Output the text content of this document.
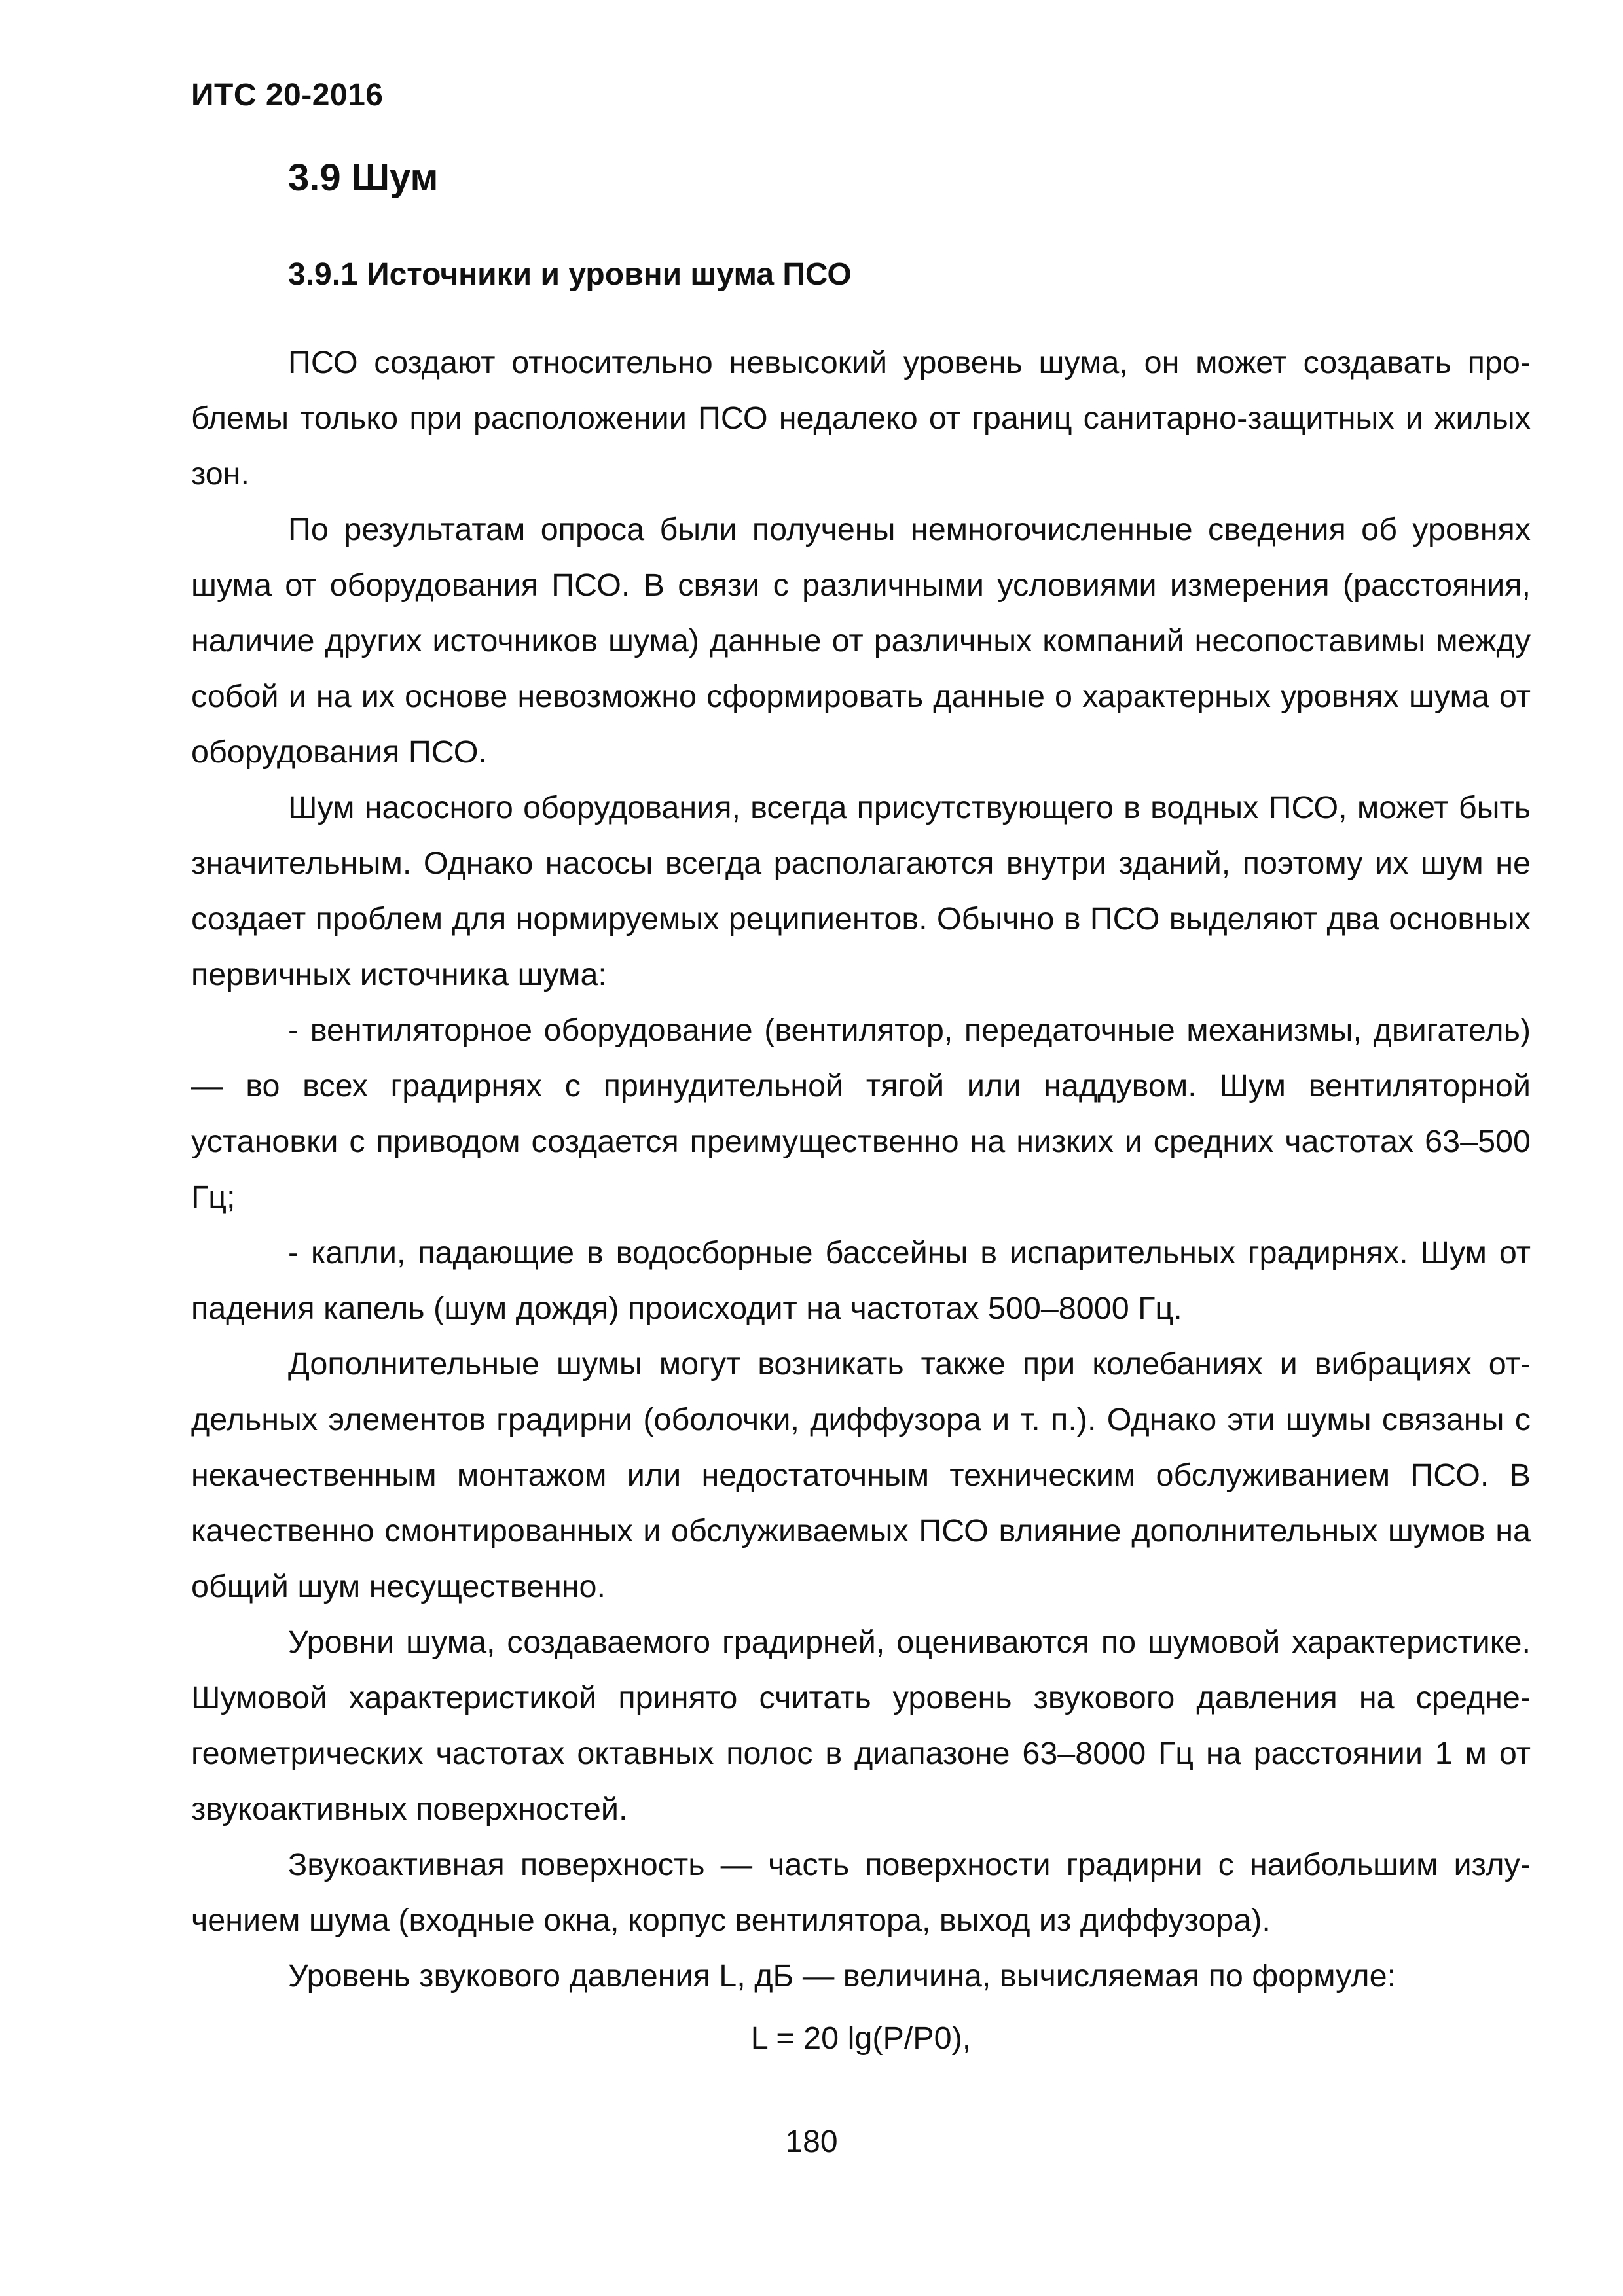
ИТС 20-2016
3.9 Шум
3.9.1 Источники и уровни шума ПСО

ПСО создают относительно невысокий уровень шума, он может создавать проблемы только при расположении ПСО недалеко от границ санитарно-защитных и жилых зон.

По результатам опроса были получены немногочисленные сведения об уровнях шума от оборудования ПСО. В связи с различными условиями измерения (расстояния, наличие других источников шума) данные от различных компаний несопоставимы между собой и на их основе невозможно сформировать данные о характерных уровнях шума от оборудования ПСО.

Шум насосного оборудования, всегда присутствующего в водных ПСО, может быть значительным. Однако насосы всегда располагаются внутри зданий, поэтому их шум не создает проблем для нормируемых реципиентов. Обычно в ПСО выделяют два основных первичных источника шума:

- вентиляторное оборудование (вентилятор, передаточные механизмы, двигатель) — во всех градирнях с принудительной тягой или наддувом. Шум вентиляторной установки с приводом создается преимущественно на низких и средних частотах 63–500 Гц;

- капли, падающие в водосборные бассейны в испарительных градирнях. Шум от падения капель (шум дождя) происходит на частотах 500–8000 Гц.

Дополнительные шумы могут возникать также при колебаниях и вибрациях отдельных элементов градирни (оболочки, диффузора и т. п.). Однако эти шумы связаны с некачественным монтажом или недостаточным техническим обслуживанием ПСО. В качественно смонтированных и обслуживаемых ПСО влияние дополнительных шумов на общий шум несущественно.

Уровни шума, создаваемого градирней, оцениваются по шумовой характеристике. Шумовой характеристикой принято считать уровень звукового давления на среднегеометрических частотах октавных полос в диапазоне 63–8000 Гц на расстоянии 1 м от звукоактивных поверхностей.

Звукоактивная поверхность — часть поверхности градирни с наибольшим излучением шума (входные окна, корпус вентилятора, выход из диффузора).

Уровень звукового давления L, дБ — величина, вычисляемая по формуле:

L = 20 lg(P/P0),

180
